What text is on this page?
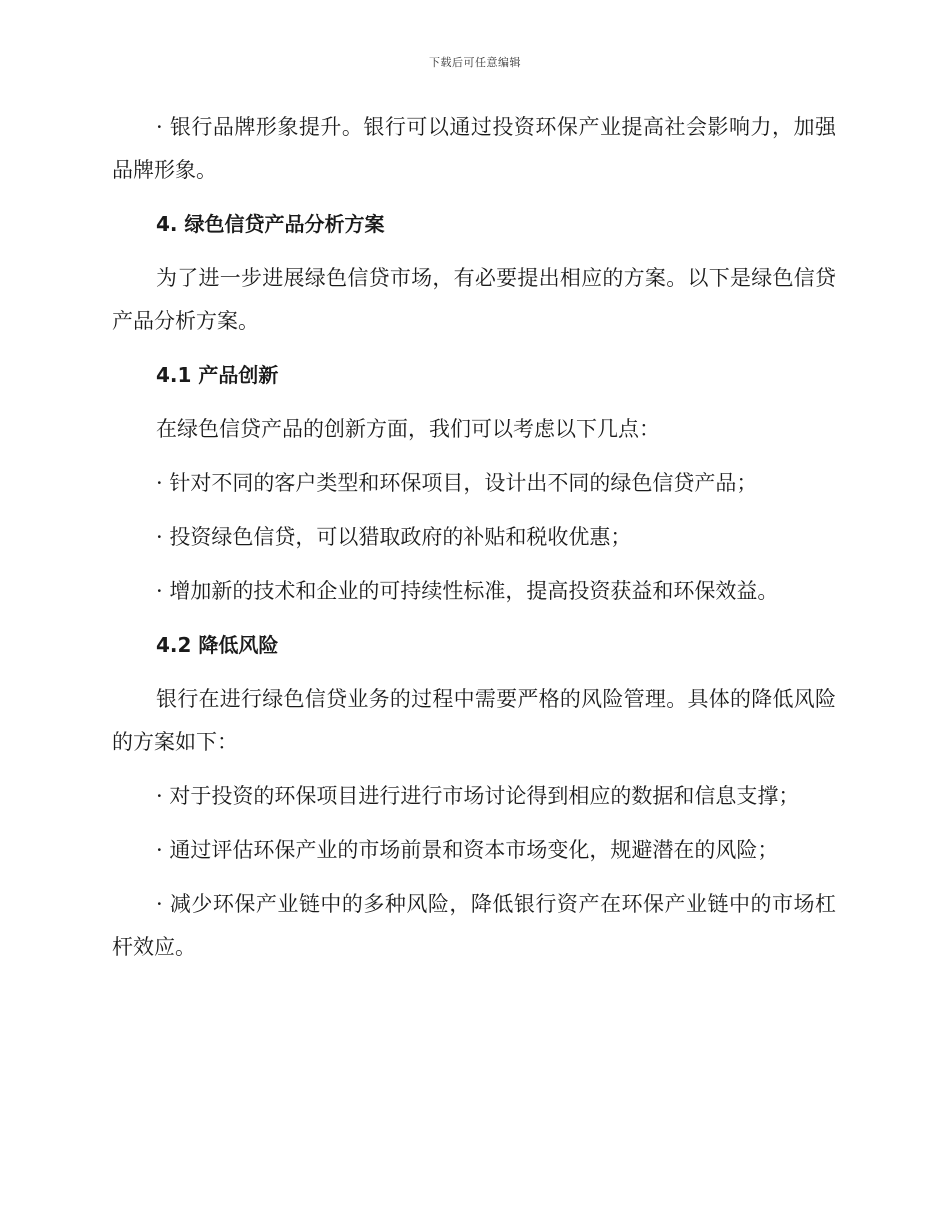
下载后可任意编辑

· 银行品牌形象提升。银行可以通过投资环保产业提高社会影响力，加强品牌形象。

4. 绿色信贷产品分析方案

为了进一步进展绿色信贷市场，有必要提出相应的方案。以下是绿色信贷产品分析方案。

4.1 产品创新

在绿色信贷产品的创新方面，我们可以考虑以下几点：

· 针对不同的客户类型和环保项目，设计出不同的绿色信贷产品；

· 投资绿色信贷，可以猎取政府的补贴和税收优惠；

· 增加新的技术和企业的可持续性标准，提高投资获益和环保效益。

4.2 降低风险

银行在进行绿色信贷业务的过程中需要严格的风险管理。具体的降低风险的方案如下：

· 对于投资的环保项目进行进行市场讨论得到相应的数据和信息支撑；

· 通过评估环保产业的市场前景和资本市场变化，规避潜在的风险；

· 减少环保产业链中的多种风险，降低银行资产在环保产业链中的市场杠杆效应。
